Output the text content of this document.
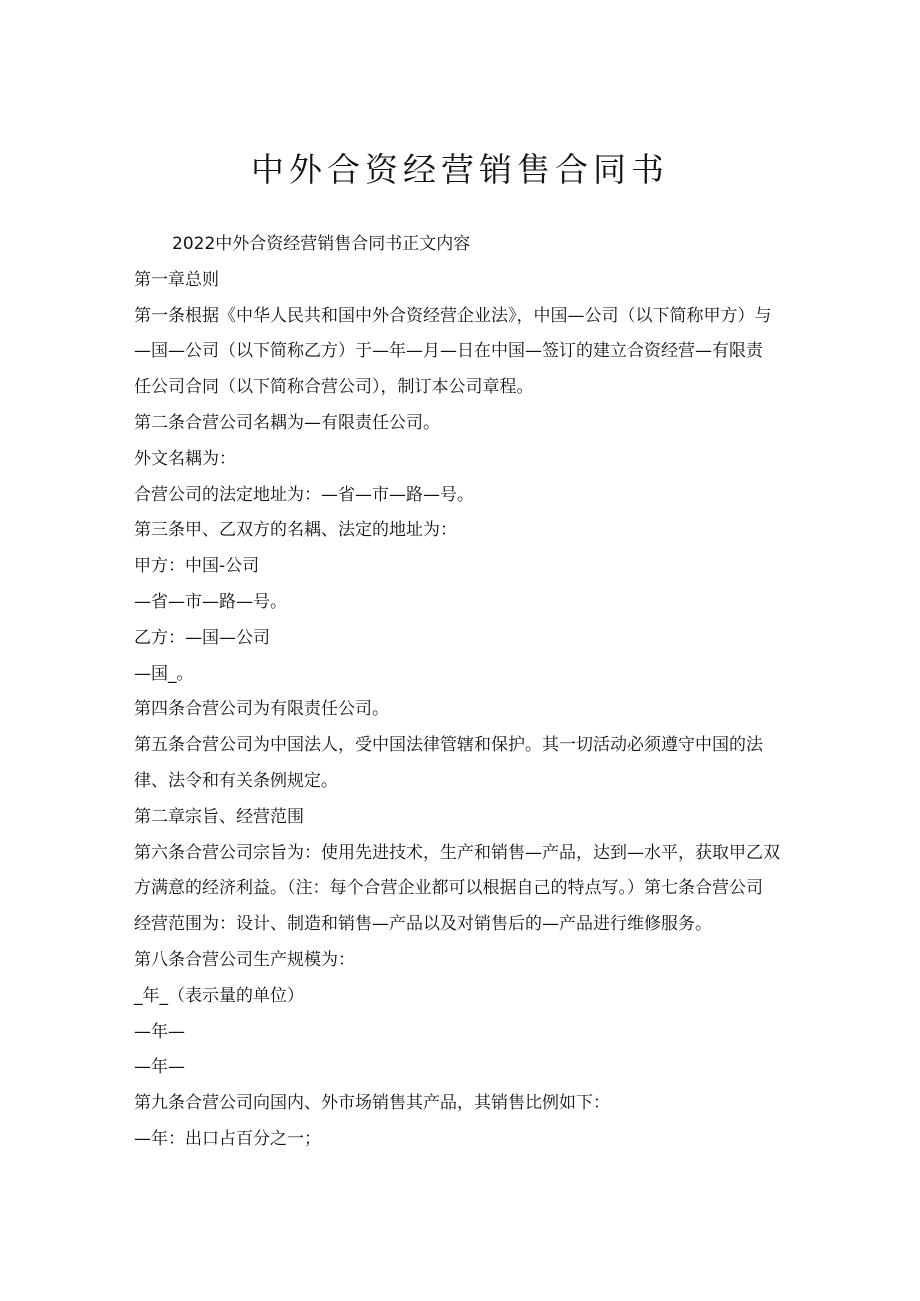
中外合资经营销售合同书

2022中外合资经营销售合同书正文内容

第一章总则

第一条根据《中华人民共和国中外合资经营企业法》，中国—公司（以下简称甲方）与

—国—公司（以下简称乙方）于—年—月—日在中国—签订的建立合资经营—有限责

任公司合同（以下简称合营公司），制订本公司章程。

第二条合营公司名耦为—有限责任公司。

外文名耦为：

合营公司的法定地址为：—省—市—路—号。

第三条甲、乙双方的名耦、法定的地址为：

甲方：中国-公司

—省—市—路—号。

乙方：—国—公司

—国_。

第四条合营公司为有限责任公司。

第五条合营公司为中国法人，受中国法律管辖和保护。其一切活动必须遵守中国的法

律、法令和有关条例规定。

第二章宗旨、经营范围

第六条合营公司宗旨为：使用先进技术，生产和销售—产品，达到—水平，获取甲乙双

方满意的经济利益。（注：每个合营企业都可以根据自己的特点写。）第七条合营公司

经营范围为：设计、制造和销售—产品以及对销售后的—产品进行维修服务。

第八条合营公司生产规模为：

_年_（表示量的单位）

—年—

—年—

第九条合营公司向国内、外市场销售其产品，其销售比例如下：

—年：出口占百分之一；
